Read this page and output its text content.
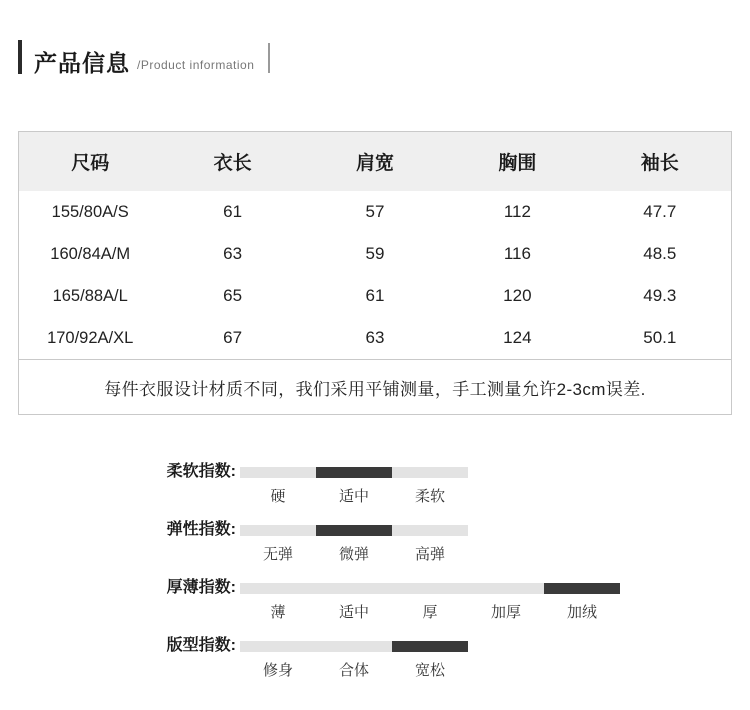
产品信息 /Product information
尺码	衣长	肩宽	胸围	袖长
155/80A/S	61	57	112	47.7
160/84A/M	63	59	116	48.5
165/88A/L	65	61	120	49.3
170/92A/XL	67	63	124	50.1
每件衣服设计材质不同，我们采用平铺测量，手工测量允许2-3cm误差.				
柔软指数:
硬	适中	柔软
弹性指数:
无弹	微弹	高弹
厚薄指数:
薄	适中	厚	加厚	加绒
版型指数:
修身	合体	宽松
